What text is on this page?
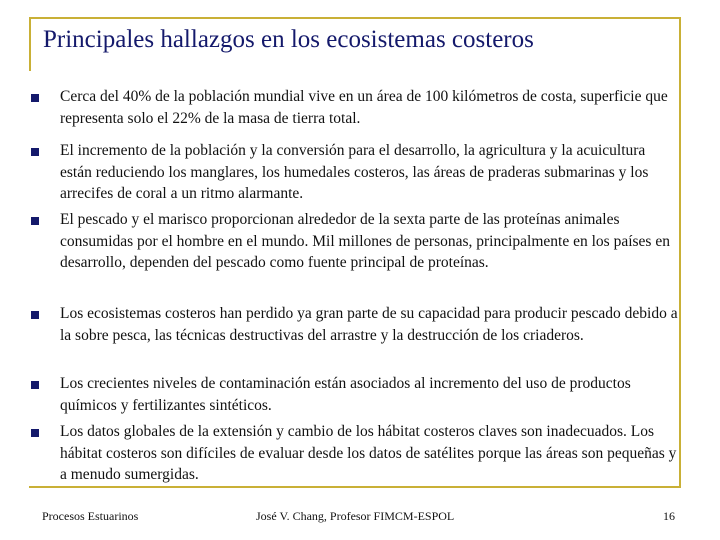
Principales hallazgos en los ecosistemas costeros
Cerca del 40% de la población mundial vive en un área de 100 kilómetros de costa, superficie que representa solo el 22% de la masa de tierra total.
El incremento de la población y la conversión para el desarrollo, la agricultura y la acuicultura están reduciendo los manglares, los humedales costeros, las áreas de praderas submarinas y los arrecifes de coral a un ritmo alarmante.
El pescado y el marisco proporcionan alrededor de la sexta parte de las proteínas animales consumidas por el hombre en el mundo. Mil millones de personas, principalmente en los países en desarrollo, dependen del pescado como fuente principal de proteínas.
Los ecosistemas costeros han perdido ya gran parte de su capacidad para producir pescado debido a la sobre pesca, las técnicas destructivas del arrastre y la destrucción de los criaderos.
Los crecientes niveles de contaminación están asociados al incremento del uso de productos químicos y fertilizantes sintéticos.
Los datos globales de la extensión y cambio de los hábitat costeros claves son inadecuados. Los hábitat costeros son difíciles de evaluar desde los datos de satélites porque las áreas son pequeñas y a menudo sumergidas.
Procesos Estuarinos	José V. Chang, Profesor FIMCM-ESPOL	16
